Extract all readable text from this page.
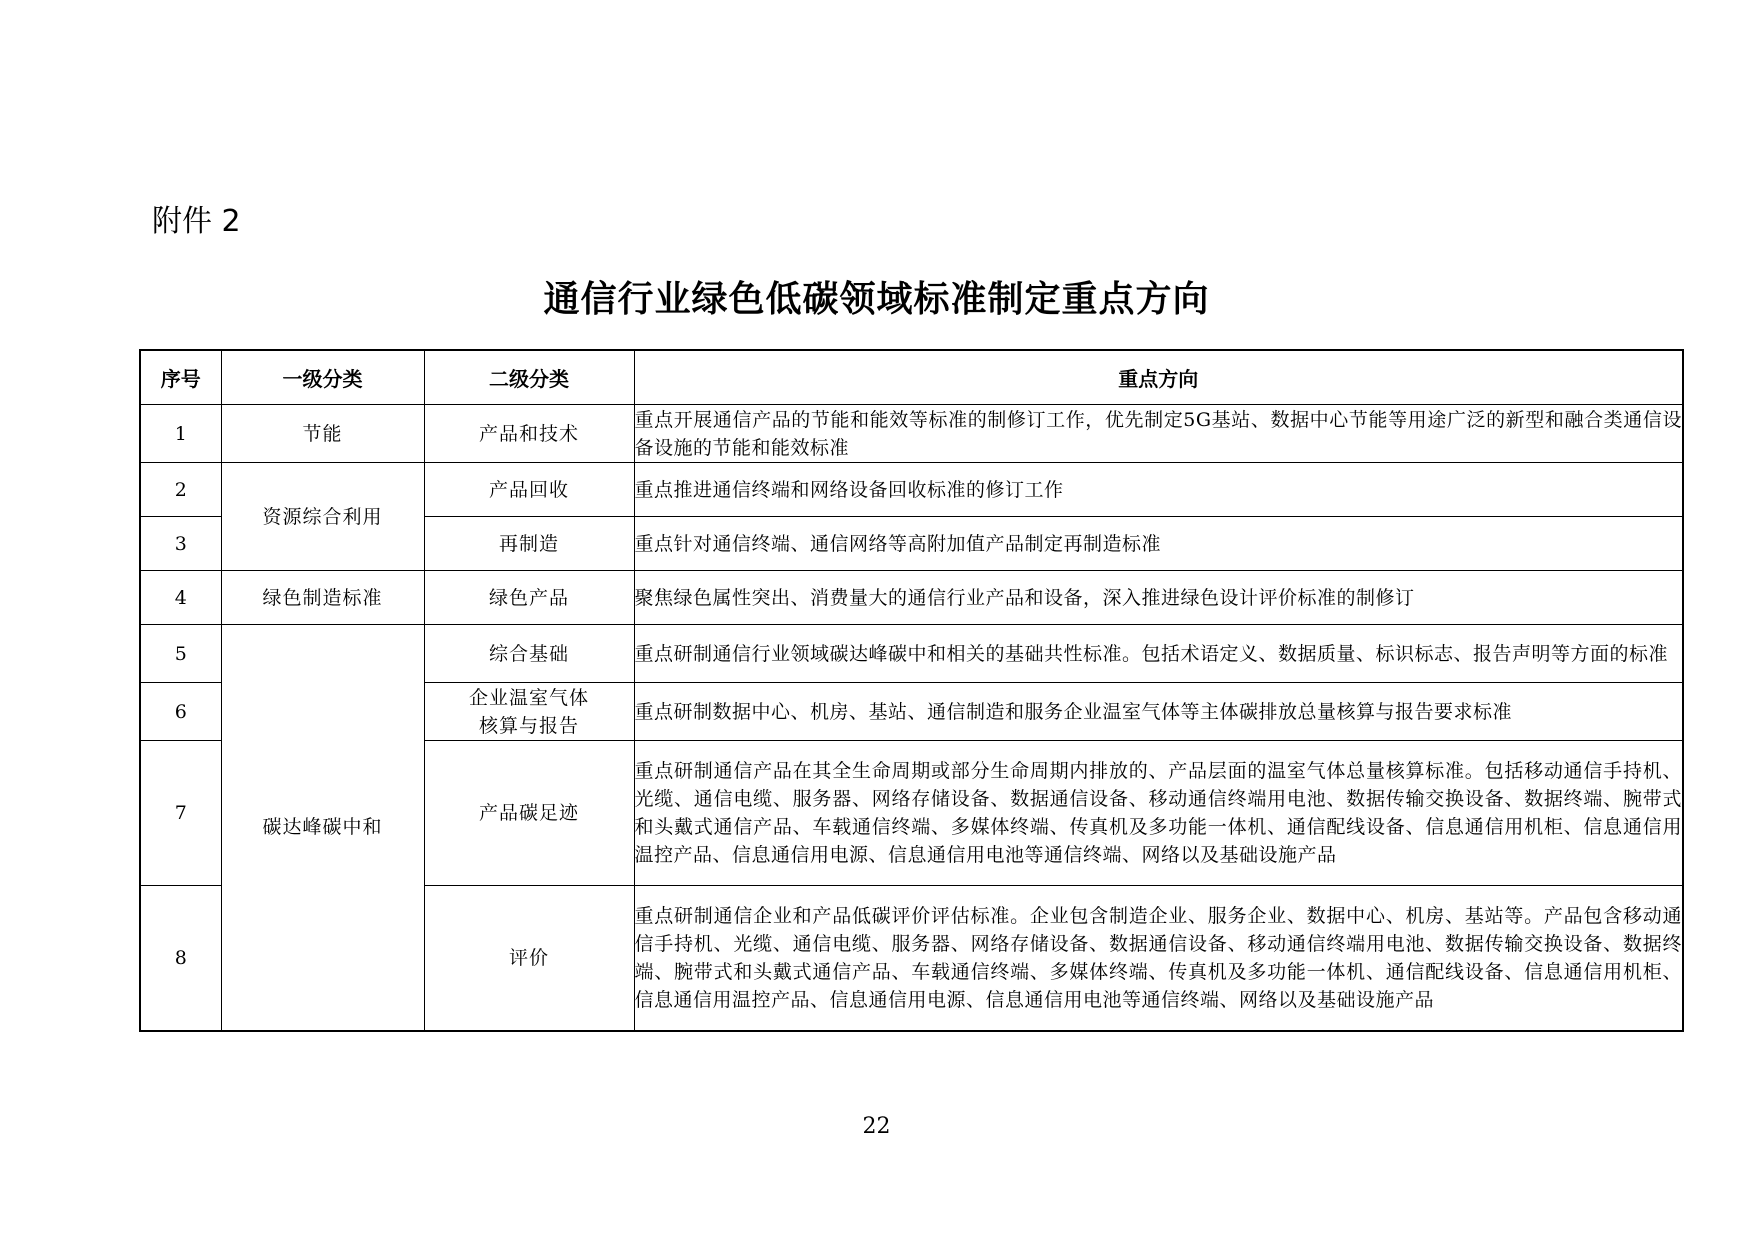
附件 2
通信行业绿色低碳领域标准制定重点方向
序号	一级分类	二级分类	重点方向
1	节能	产品和技术	重点开展通信产品的节能和能效等标准的制修订工作，优先制定5G基站、数据中心节能等用途广泛的新型和融合类通信设备设施的节能和能效标准
2	资源综合利用	产品回收	重点推进通信终端和网络设备回收标准的修订工作
3		再制造	重点针对通信终端、通信网络等高附加值产品制定再制造标准
4	绿色制造标准	绿色产品	聚焦绿色属性突出、消费量大的通信行业产品和设备，深入推进绿色设计评价标准的制修订
5	碳达峰碳中和	综合基础	重点研制通信行业领域碳达峰碳中和相关的基础共性标准。包括术语定义、数据质量、标识标志、报告声明等方面的标准
6		企业温室气体
核算与报告	重点研制数据中心、机房、基站、通信制造和服务企业温室气体等主体碳排放总量核算与报告要求标准
7		产品碳足迹	重点研制通信产品在其全生命周期或部分生命周期内排放的、产品层面的温室气体总量核算标准。包括移动通信手持机、光缆、通信电缆、服务器、网络存储设备、数据通信设备、移动通信终端用电池、数据传输交换设备、数据终端、腕带式和头戴式通信产品、车载通信终端、多媒体终端、传真机及多功能一体机、通信配线设备、信息通信用机柜、信息通信用温控产品、信息通信用电源、信息通信用电池等通信终端、网络以及基础设施产品
8		评价	重点研制通信企业和产品低碳评价评估标准。企业包含制造企业、服务企业、数据中心、机房、基站等。产品包含移动通信手持机、光缆、通信电缆、服务器、网络存储设备、数据通信设备、移动通信终端用电池、数据传输交换设备、数据终端、腕带式和头戴式通信产品、车载通信终端、多媒体终端、传真机及多功能一体机、通信配线设备、信息通信用机柜、信息通信用温控产品、信息通信用电源、信息通信用电池等通信终端、网络以及基础设施产品
22
